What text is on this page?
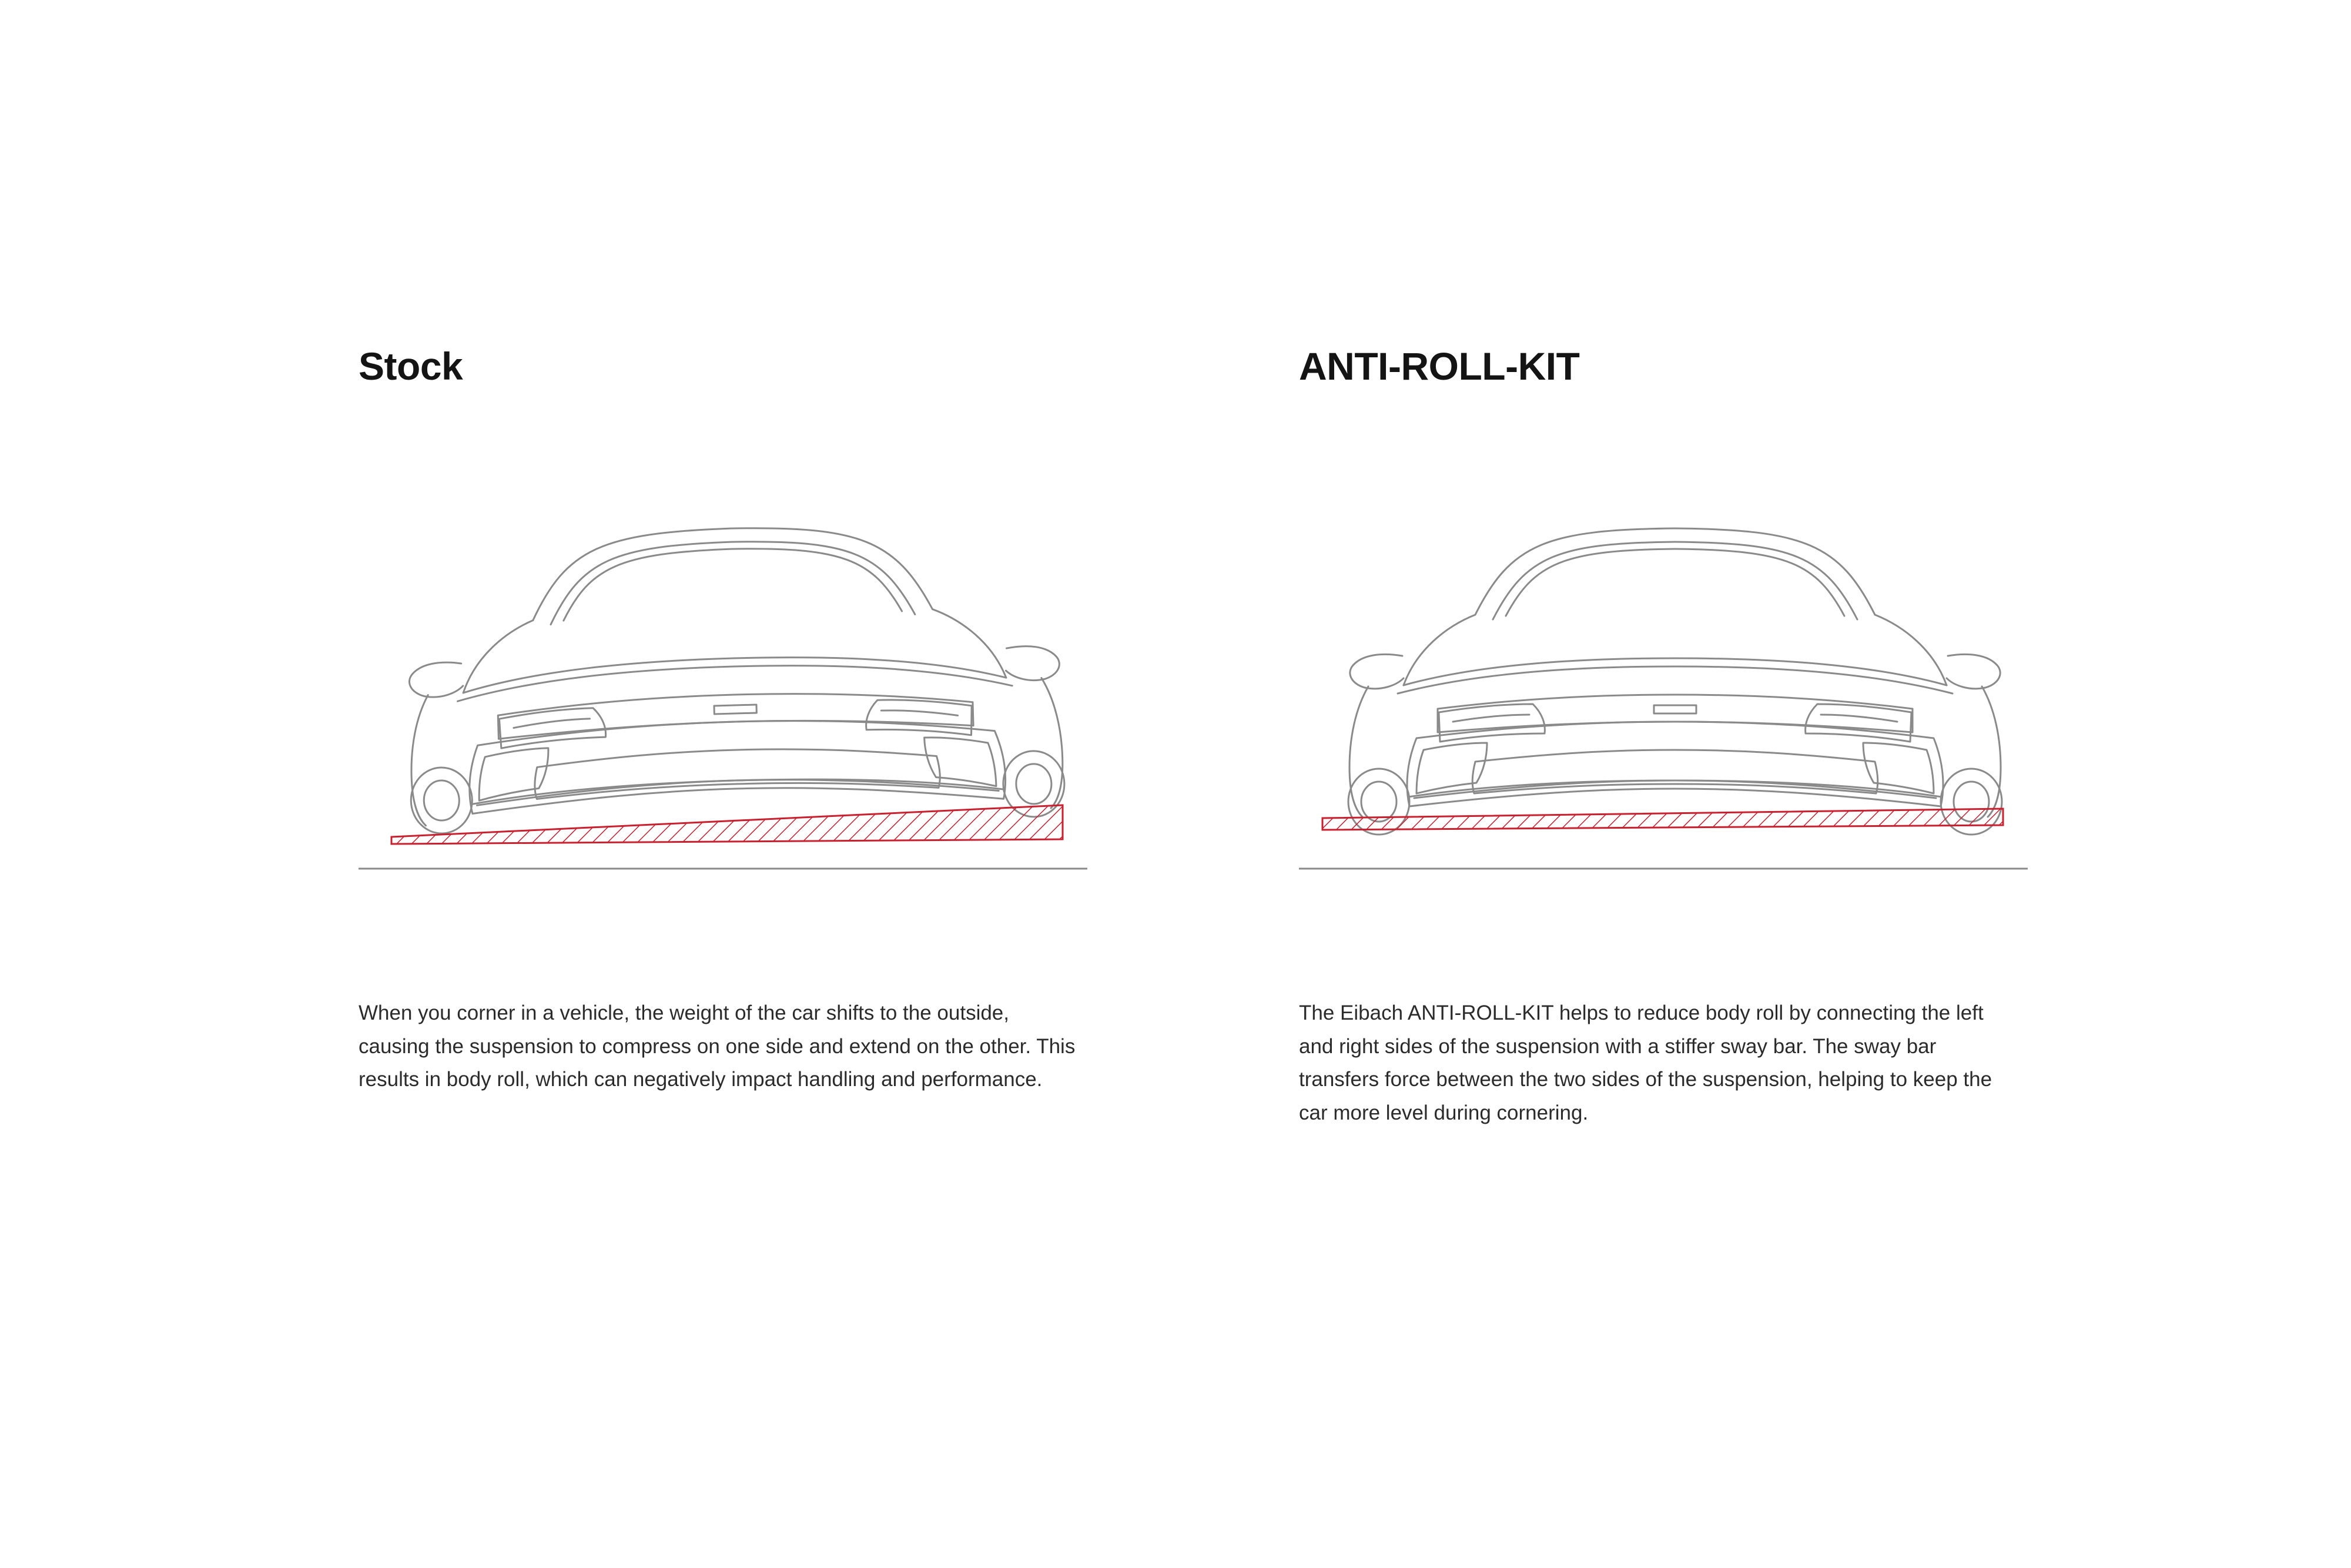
Stock

When you corner in a vehicle, the weight of the car shifts to the outside, causing the suspension to compress on one side and extend on the other. This results in body roll, which can negatively impact handling and performance.

ANTI-ROLL-KIT

The Eibach ANTI-ROLL-KIT helps to reduce body roll by connecting the left and right sides of the suspension with a stiffer sway bar. The sway bar transfers force between the two sides of the suspension, helping to keep the car more level during cornering.
